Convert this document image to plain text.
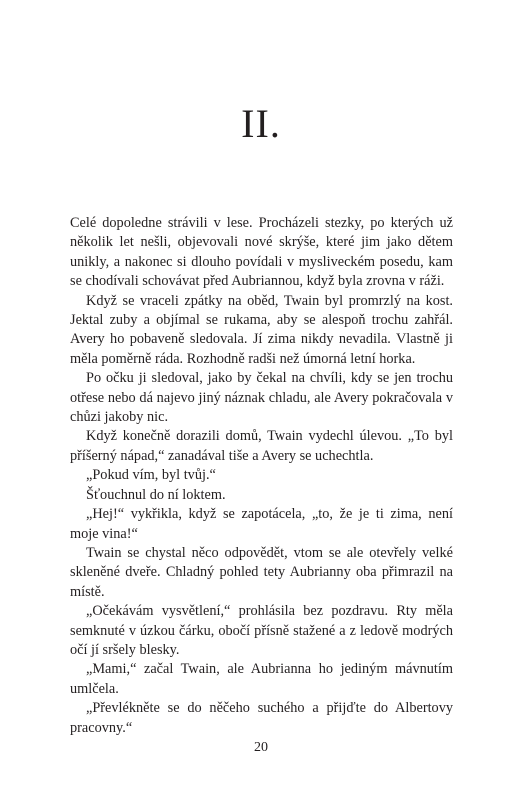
II.

Celé dopoledne strávili v lese. Procházeli stezky, po kterých už několik let nešli, objevovali nové skrýše, které jim jako dětem unikly, a nakonec si dlouho povídali v mysliveckém posedu, kam se chodívali schovávat před Aubriannou, když byla zrovna v ráži.

Když se vraceli zpátky na oběd, Twain byl promrzlý na kost. Jektal zuby a objímal se rukama, aby se alespoň trochu zahřál. Avery ho pobaveně sledovala. Jí zima nikdy nevadila. Vlastně ji měla poměrně ráda. Rozhodně radši než úmorná letní horka.

Po očku ji sledoval, jako by čekal na chvíli, kdy se jen trochu otřese nebo dá najevo jiný náznak chladu, ale Avery pokračovala v chůzi jakoby nic.

Když konečně dorazili domů, Twain vydechl úlevou. „To byl příšerný nápad,“ zanadával tiše a Avery se uchechtla.

„Pokud vím, byl tvůj.“

Šťouchnul do ní loktem.

„Hej!“ vykřikla, když se zapotácela, „to, že je ti zima, není moje vina!“

Twain se chystal něco odpovědět, vtom se ale otevřely velké skleněné dveře. Chladný pohled tety Aubrianny oba přimrazil na místě.

„Očekávám vysvětlení,“ prohlásila bez pozdravu. Rty měla semknuté v úzkou čárku, obočí přísně stažené a z ledově modrých očí jí sršely blesky.

„Mami,“ začal Twain, ale Aubrianna ho jediným mávnutím umlčela.

„Převlékněte se do něčeho suchého a přijďte do Albertovy pracovny.“

20
